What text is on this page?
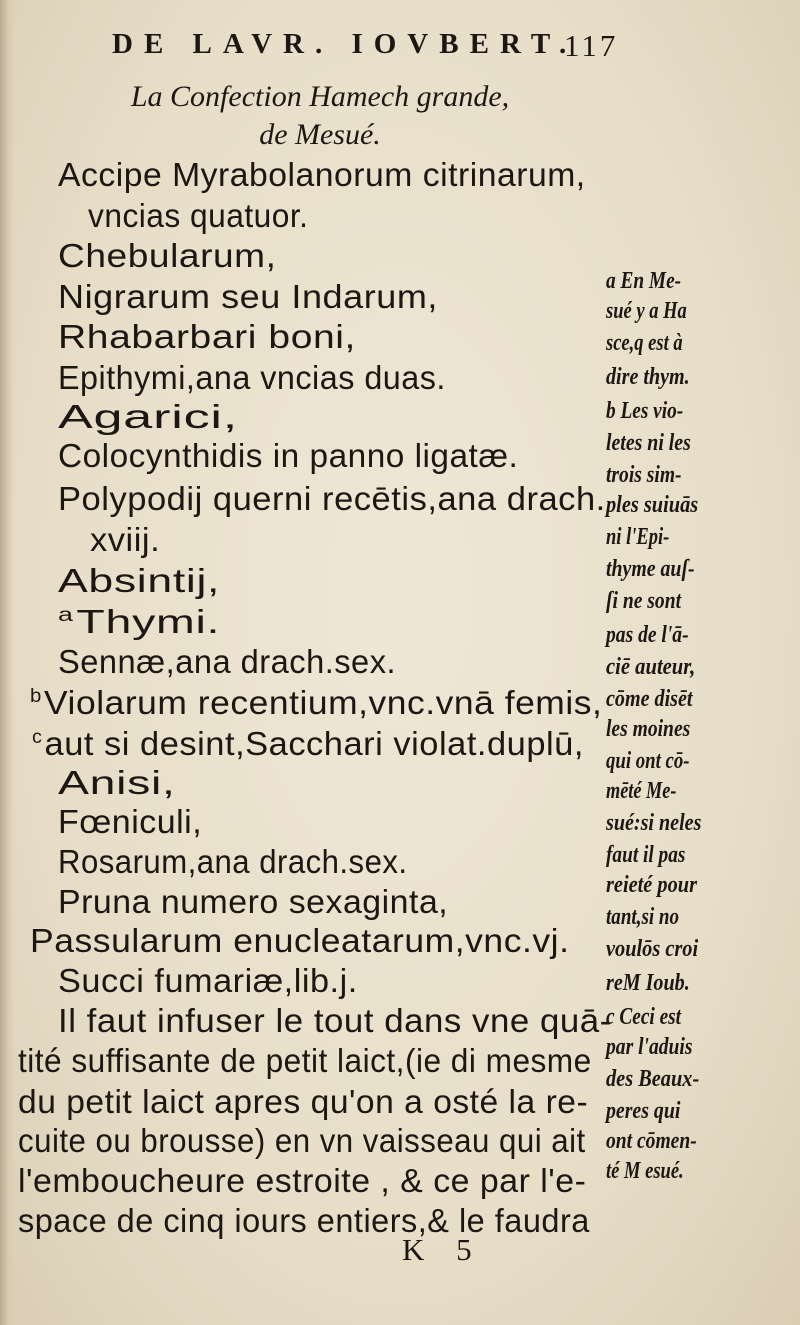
DE LAVR. IOVBERT.
117
La Confection Hamech grande,
de Mesué.
Accipe Myrabolanorum citrinarum,
vncias quatuor.
Chebularum,
Nigrarum seu Indarum,
Rhabarbari boni,
Epithymi,ana vncias duas.
Agarici,
Colocynthidis in panno ligatæ.
Polypodij querni recētis,ana drach.
xviij.
Absintij,
$^a$Thymi.
Sennæ,ana drach.sex.
$^b$Violarum recentium,vnc.vnā femis,
$^c$aut si desint,Sacchari violat.duplū,
Anisi,
Fœniculi,
Rosarum,ana drach.sex.
Pruna numero sexaginta,
Passularum enucleatarum,vnc.vj.
Succi fumariæ,lib.j.
Il faut infuser le tout dans vne quā-
tité suffisante de petit laict,(ie di mesme
du petit laict apres qu'on a osté la re-
cuite ou brousse) en vn vaisseau qui ait
l'emboucheure estroite , & ce par l'e-
space de cinq iours entiers,& le faudra
a En Me-
sué y a Ha
sce,q est à
dire thym.
b Les vio-
letes ni les
trois sim-
ples suiuās
ni l'Epi-
thyme auſ-
ſi ne sont
pas de l'ā-
ciē auteur,
cōme disēt
les moines
qui ont cō-
mēté Me-
sué:si neles
faut il pas
reieté pour
tant,si no
voulōs croi
reM Ioub.
c Ceci est
par l'aduis
des Beaux-
peres qui
ont cōmen-
té M esué.
K 5
